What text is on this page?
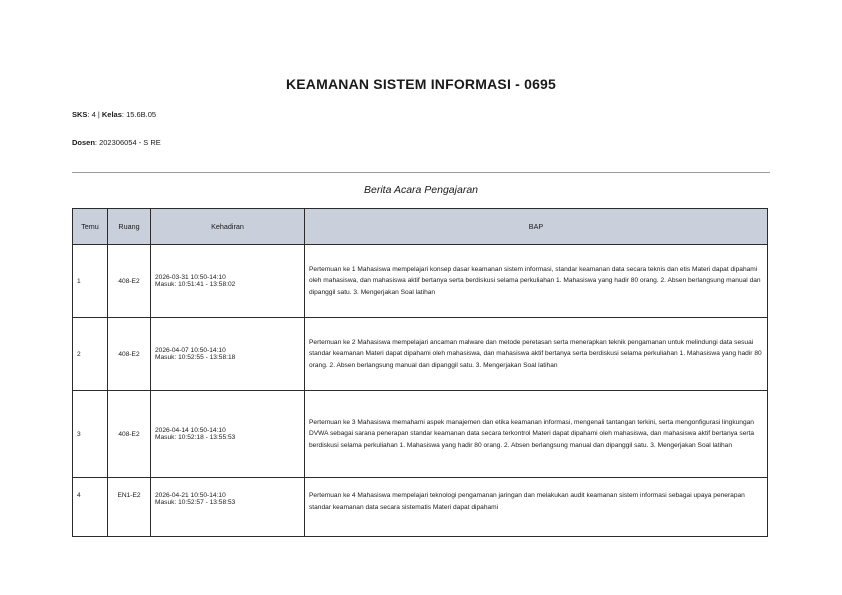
KEAMANAN SISTEM INFORMASI - 0695
SKS: 4 | Kelas: 15.6B.05
Dosen: 202306054 - S RE
Berita Acara Pengajaran
Temu	Ruang	Kehadiran	BAP
1	408-E2	2026-03-31 10:50-14:10
Masuk: 10:51:41 - 13:58:02	Pertemuan ke 1 Mahasiswa mempelajari konsep dasar keamanan sistem informasi, standar keamanan data secara teknis dan etis Materi dapat dipahami oleh mahasiswa, dan mahasiswa aktif bertanya serta berdiskusi selama perkuliahan 1. Mahasiswa yang hadir 80 orang. 2. Absen berlangsung manual dan dipanggil satu. 3. Mengerjakan Soal latihan
2	408-E2	2026-04-07 10:50-14:10
Masuk: 10:52:55 - 13:58:18	Pertemuan ke 2 Mahasiswa mempelajari ancaman malware dan metode peretasan serta menerapkan teknik pengamanan untuk melindungi data sesuai standar keamanan Materi dapat dipahami oleh mahasiswa, dan mahasiswa aktif bertanya serta berdiskusi selama perkuliahan 1. Mahasiswa yang hadir 80 orang. 2. Absen berlangsung manual dan dipanggil satu. 3. Mengerjakan Soal latihan
3	408-E2	2026-04-14 10:50-14:10
Masuk: 10:52:18 - 13:55:53	Pertemuan ke 3 Mahasiswa memahami aspek manajemen dan etika keamanan informasi, mengenali tantangan terkini, serta mengonfigurasi lingkungan DVWA sebagai sarana penerapan standar keamanan data secara terkontrol Materi dapat dipahami oleh mahasiswa, dan mahasiswa aktif bertanya serta berdiskusi selama perkuliahan 1. Mahasiswa yang hadir 80 orang. 2. Absen berlangsung manual dan dipanggil satu. 3. Mengerjakan Soal latihan
4	EN1-E2	2026-04-21 10:50-14:10
Masuk: 10:52:57 - 13:58:53	Pertemuan ke 4 Mahasiswa mempelajari teknologi pengamanan jaringan dan melakukan audit keamanan sistem informasi sebagai upaya penerapan standar keamanan data secara sistematis Materi dapat dipahami
